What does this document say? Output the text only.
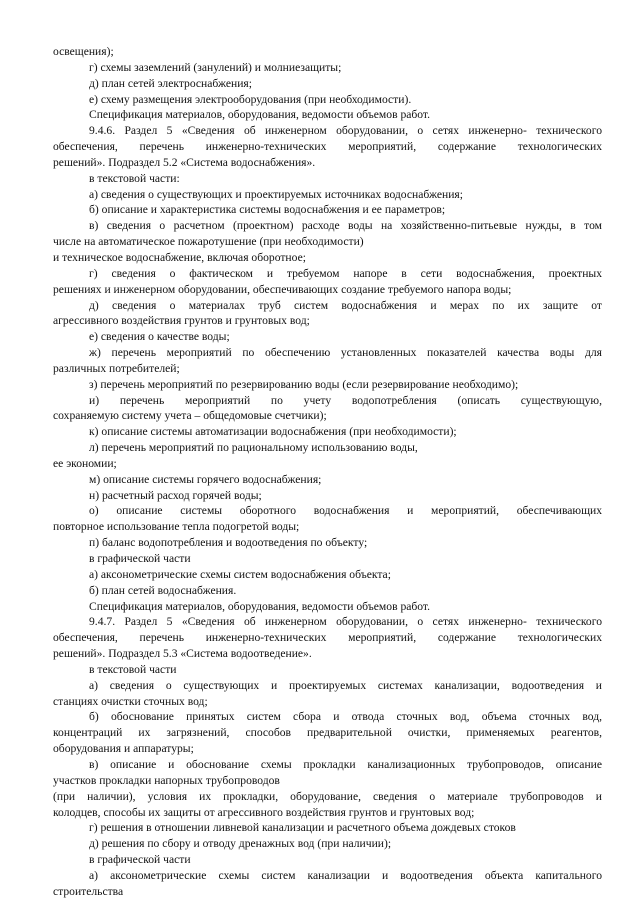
освещения);
г) схемы заземлений (занулений) и молниезащиты;
д) план сетей электроснабжения;
е) схему размещения электрооборудования (при необходимости).
Спецификация материалов, оборудования, ведомости объемов работ.
9.4.6. Раздел 5 «Сведения об инженерном оборудовании, о сетях инженерно- технического
обеспечения, перечень инженерно-технических мероприятий, содержание технологических
решений». Подраздел 5.2 «Система водоснабжения».
в текстовой части:
а) сведения о существующих и проектируемых источниках водоснабжения;
б) описание и характеристика системы водоснабжения и ее параметров;
в) сведения о расчетном (проектном) расходе воды на хозяйственно-питьевые нужды, в том
числе на автоматическое пожаротушение (при необходимости)
и техническое водоснабжение, включая оборотное;
г) сведения о фактическом и требуемом напоре в сети водоснабжения, проектных
решениях и инженерном оборудовании, обеспечивающих создание требуемого напора воды;
д) сведения о материалах труб систем водоснабжения и мерах по их защите от
агрессивного воздействия грунтов и грунтовых вод;
е) сведения о качестве воды;
ж) перечень мероприятий по обеспечению установленных показателей качества воды для
различных потребителей;
з) перечень мероприятий по резервированию воды (если резервирование необходимо);
и) перечень мероприятий по учету водопотребления (описать существующую,
сохраняемую систему учета – общедомовые счетчики);
к) описание системы автоматизации водоснабжения (при необходимости);
л) перечень мероприятий по рациональному использованию воды,
ее экономии;
м) описание системы горячего водоснабжения;
н) расчетный расход горячей воды;
о) описание системы оборотного водоснабжения и мероприятий, обеспечивающих
повторное использование тепла подогретой воды;
п) баланс водопотребления и водоотведения по объекту;
в графической части
а) аксонометрические схемы систем водоснабжения объекта;
б) план сетей водоснабжения.
Спецификация материалов, оборудования, ведомости объемов работ.
9.4.7. Раздел 5 «Сведения об инженерном оборудовании, о сетях инженерно- технического
обеспечения, перечень инженерно-технических мероприятий, содержание технологических
решений». Подраздел 5.3 «Система водоотведение».
в текстовой части
а) сведения о существующих и проектируемых системах канализации, водоотведения и
станциях очистки сточных вод;
б) обоснование принятых систем сбора и отвода сточных вод, объема сточных вод,
концентраций их загрязнений, способов предварительной очистки, применяемых реагентов,
оборудования и аппаратуры;
в) описание и обоснование схемы прокладки канализационных трубопроводов, описание
участков прокладки напорных трубопроводов
(при наличии), условия их прокладки, оборудование, сведения о материале трубопроводов и
колодцев, способы их защиты от агрессивного воздействия грунтов и грунтовых вод;
г) решения в отношении ливневой канализации и расчетного объема дождевых стоков
д) решения по сбору и отводу дренажных вод (при наличии);
в графической части
а) аксонометрические схемы систем канализации и водоотведения объекта капитального
строительства
